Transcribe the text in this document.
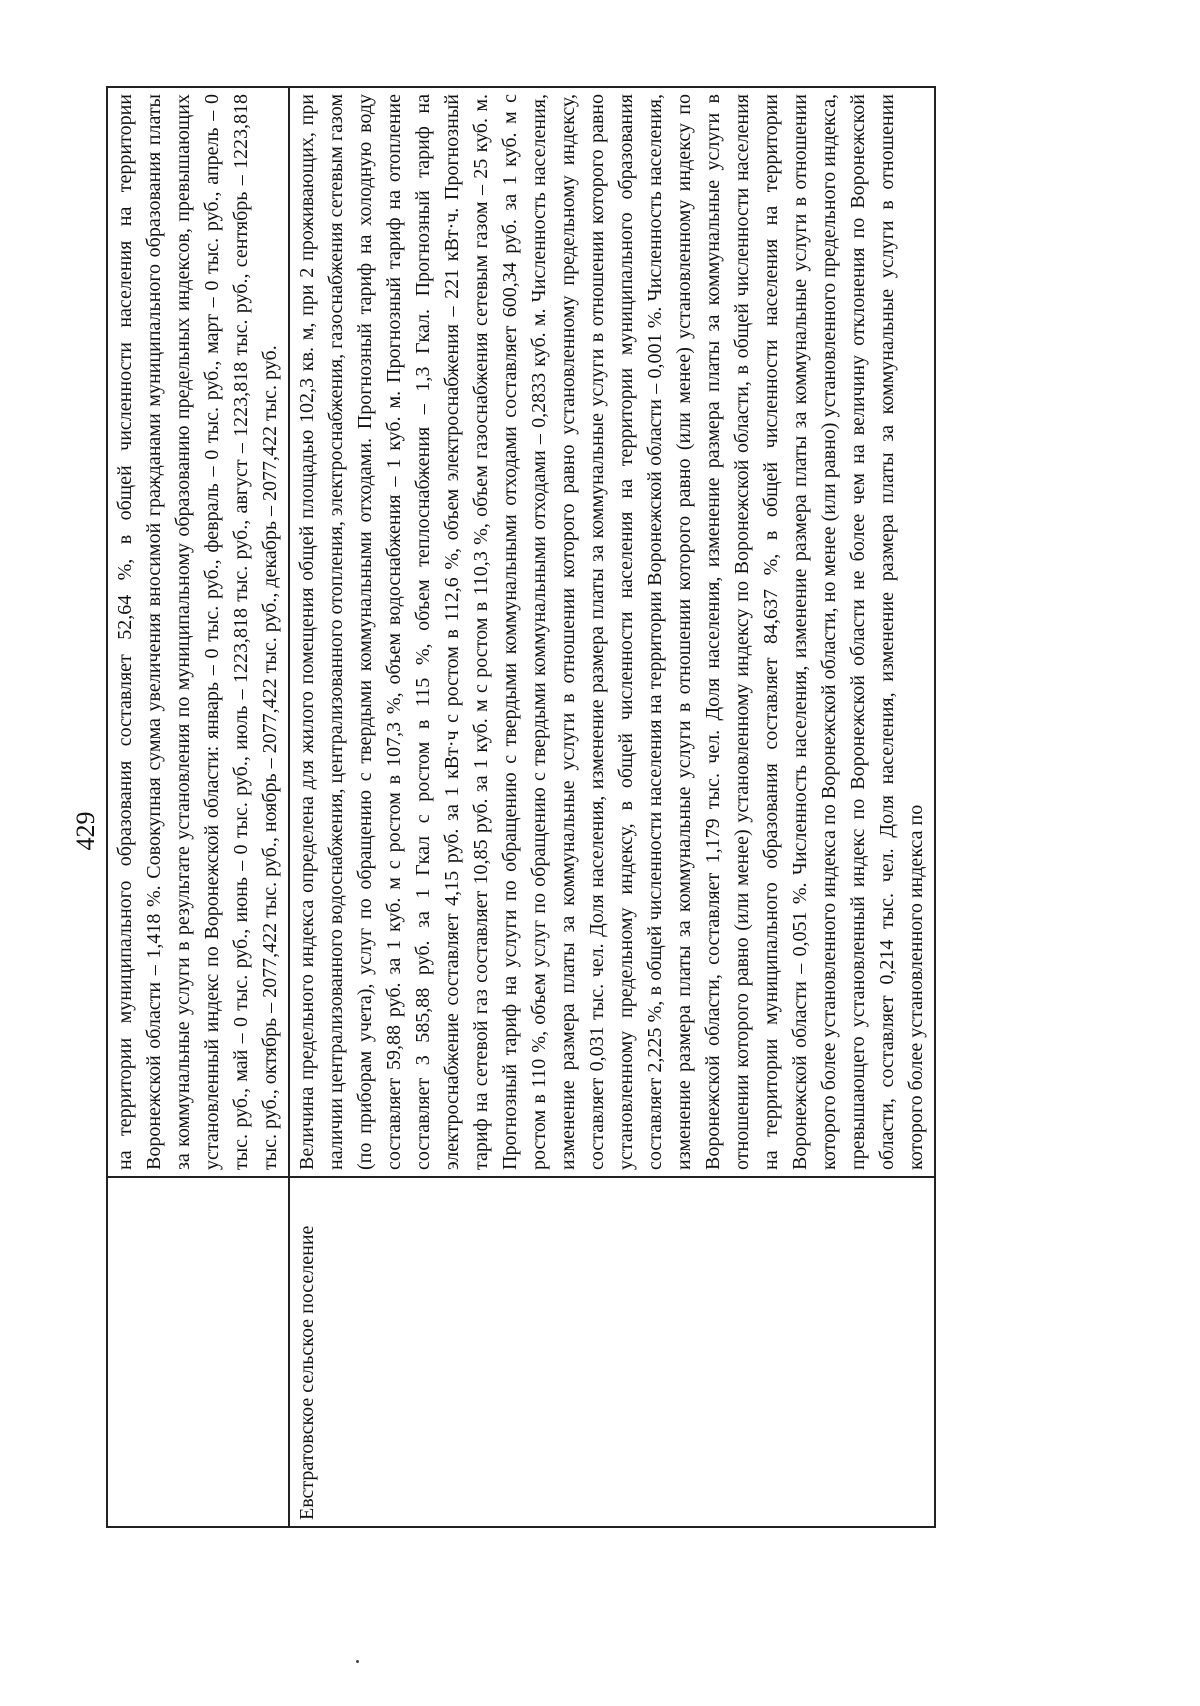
429
	на территории муниципального образования составляет 52,64 %, в общей численности населения на территории Воронежской области – 1,418 %. Совокупная сумма увеличения вносимой гражданами муниципального образования платы за коммунальные услуги в результате установления по муниципальному образованию предельных индексов, превышающих установленный индекс по Воронежской области: январь – 0 тыс. руб., февраль – 0 тыс. руб., март – 0 тыс. руб., апрель – 0 тыс. руб., май – 0 тыс. руб., июнь – 0 тыс. руб., июль – 1223,818 тыс. руб., август – 1223,818 тыс. руб., сентябрь – 1223,818 тыс. руб., октябрь – 2077,422 тыс. руб., ноябрь – 2077,422 тыс. руб., декабрь – 2077,422 тыс. руб.
Евстратовское сельское поселение	Величина предельного индекса определена для жилого помещения общей площадью 102,3 кв. м, при 2 проживающих, при наличии централизованного водоснабжения, централизованного отопления, электроснабжения, газоснабжения сетевым газом (по приборам учета), услуг по обращению с твердыми коммунальными отходами. Прогнозный тариф на холодную воду составляет 59,88 руб. за 1 куб. м с ростом в 107,3 %, объем водоснабжения – 1 куб. м. Прогнозный тариф на отопление составляет 3 585,88 руб. за 1 Гкал с ростом в 115 %, объем теплоснабжения – 1,3 Гкал. Прогнозный тариф на электроснабжение составляет 4,15 руб. за 1 кВт·ч с ростом в 112,6 %, объем электроснабжения – 221 кВт·ч. Прогнозный тариф на сетевой газ составляет 10,85 руб. за 1 куб. м с ростом в 110,3 %, объем газоснабжения сетевым газом – 25 куб. м. Прогнозный тариф на услуги по обращению с твердыми коммунальными отходами составляет 600,34 руб. за 1 куб. м с ростом в 110 %, объем услуг по обращению с твердыми коммунальными отходами – 0,2833 куб. м. Численность населения, изменение размера платы за коммунальные услуги в отношении которого равно установленному предельному индексу, составляет 0,031 тыс. чел. Доля населения, изменение размера платы за коммунальные услуги в отношении которого равно установленному предельному индексу, в общей численности населения на территории муниципального образования составляет 2,225 %, в общей численности населения на территории Воронежской области – 0,001 %. Численность населения, изменение размера платы за коммунальные услуги в отношении которого равно (или менее) установленному индексу по Воронежской области, составляет 1,179 тыс. чел. Доля населения, изменение размера платы за коммунальные услуги в отношении которого равно (или менее) установленному индексу по Воронежской области, в общей численности населения на территории муниципального образования составляет 84,637 %, в общей численности населения на территории Воронежской области – 0,051 %. Численность населения, изменение размера платы за коммунальные услуги в отношении которого более установленного индекса по Воронежской области, но менее (или равно) установленного предельного индекса, превышающего установленный индекс по Воронежской области не более чем на величину отклонения по Воронежской области, составляет 0,214 тыс. чел. Доля населения, изменение размера платы за коммунальные услуги в отношении которого более установленного индекса по
